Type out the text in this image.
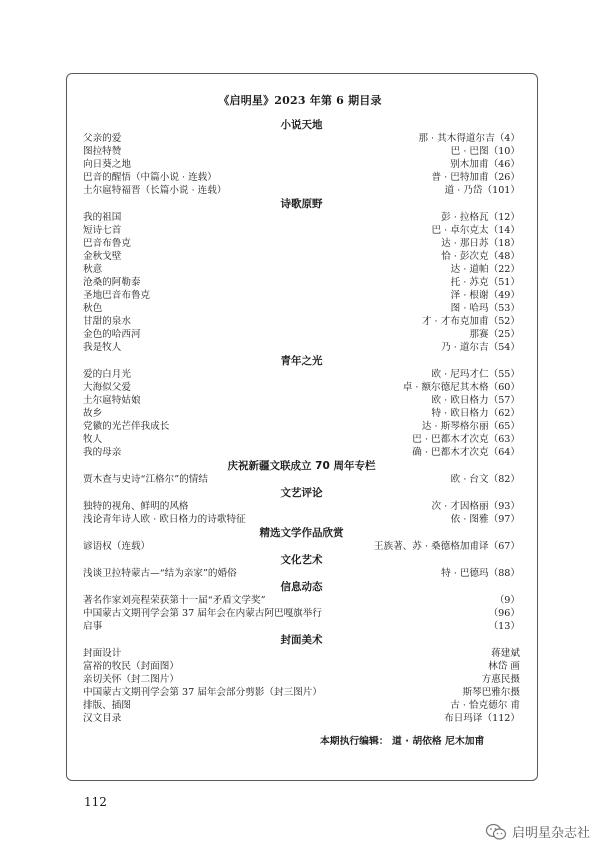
《启明星》2023 年第 6 期目录
小说天地
父亲的爱	那 · 其木得道尔吉（4）
图拉特赞	巴 · 巴图（10）
向日葵之地	别木加甫（46）
巴音的醒悟（中篇小说 · 连载）	普 · 巴特加甫（26）
土尔扈特福晋（长篇小说 · 连载）	道 · 乃岱（101）
诗歌原野
我的祖国	彭 · 拉格瓦（12）
短诗七首	巴 · 卓尔克太（14）
巴音布鲁克	达 · 那日苏（18）
金秋戈壁	恰 · 彭次克（48）
秋意	达 · 道帕（22）
沧桑的阿勒泰	托 · 苏克（51）
圣地巴音布鲁克	泽 · 根谢（49）
秋色	图 · 哈玛（53）
甘甜的泉水	才 · 才布克加甫（52）
金色的哈西河	那赛（25）
我是牧人	乃 · 道尔吉（54）
青年之光
爱的白月光	欧 · 尼玛才仁（55）
大海似父爱	卓 · 额尔德尼其木格（60）
土尔扈特姑娘	欧 · 欧日格力（57）
故乡	特 · 欧日格力（62）
党徽的光芒伴我成长	达 · 斯琴格尔丽（65）
牧人	巴 · 巴都木才次克（63）
我的母亲	确 · 巴都木才次克（64）
庆祝新疆文联成立 70 周年专栏
贾木查与史诗“江格尔”的情结	欧 · 台文（82）
文艺评论
独特的视角、鲜明的风格	次 · 才因格丽（93）
浅论青年诗人欧 · 欧日格力的诗歌特征	依 · 图雅（97）
精选文学作品欣赏
谚语权（连载）	王族著、苏 · 桑德格加甫译（67）
文化艺术
浅谈卫拉特蒙古—“结为亲家”的婚俗	特 · 巴德玛（88）
信息动态
著名作家刘亮程荣获第十一届“矛盾文学奖”	（9）
中国蒙古文期刊学会第 37 届年会在内蒙古阿巴嘎旗举行	（96）
启事	（13）
封面美术
封面设计	蒋建斌
富裕的牧民（封面图）	林岱 画
亲切关怀（封二图片）	方惠民摄
中国蒙古文期刊学会第 37 届年会部分剪影（封三图片）	斯琴巴雅尔摄
排版、插图	古 · 恰克德尔 甫
汉文目录	布日玛译（112）
本期执行编辑： 道 · 胡依格 尼木加甫
112
启明星杂志社
